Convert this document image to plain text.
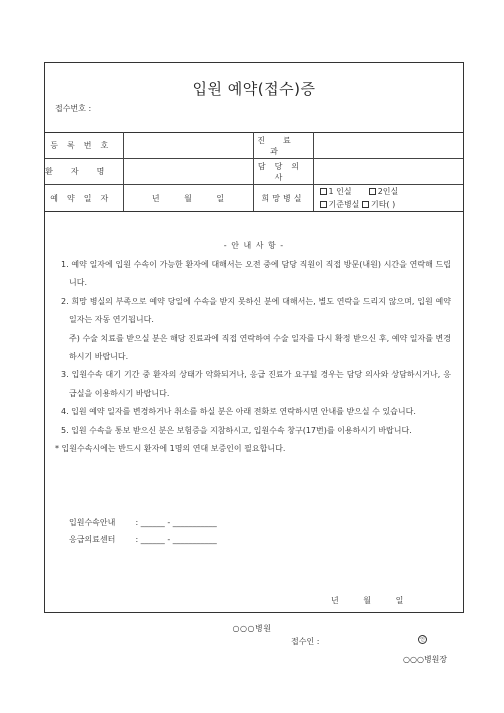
입원 예약(접수)증
접수번호 :
등록번호		진료과	
환자명		담당의사	
예약일자	년 월 일	희망병실	1 인실 2인실
기준병실 기타( )
- 안 내 사 항 -

1. 예약 일자에 입원 수속이 가능한 환자에 대해서는 오전 중에 담당 직원이 직접 방문(내원) 시간을 연락해 드립니다.

2. 희망 병실의 부족으로 예약 당일에 수속을 받지 못하신 분에 대해서는, 별도 연락을 드리지 않으며, 입원 예약 일자는 자동 연기됩니다.

주) 수술 치료를 받으실 분은 해당 진료과에 직접 연락하여 수술 일자를 다시 확정 받으신 후, 예약 일자를 변경하시기 바랍니다.

3. 입원수속 대기 기간 중 환자의 상태가 악화되거나, 응급 진료가 요구될 경우는 담당 의사와 상담하시거나, 응급실을 이용하시기 바랍니다.

4. 입원 예약 일자를 변경하거나 취소를 하실 분은 아래 전화로 연락하시면 안내를 받으실 수 있습니다.

5. 입원 수속을 통보 받으신 분은 보험증을 지참하시고, 입원수속 창구(17번)를 이용하시기 바랍니다.

* 입원수속시에는 반드시 환자에 1명의 연대 보증인이 필요합니다.

입원수속안내	: ______ - ___________
응급의료센터	: ______ - ___________
년	월	일
접수인 :	인
○○○병원장
○○○병원
